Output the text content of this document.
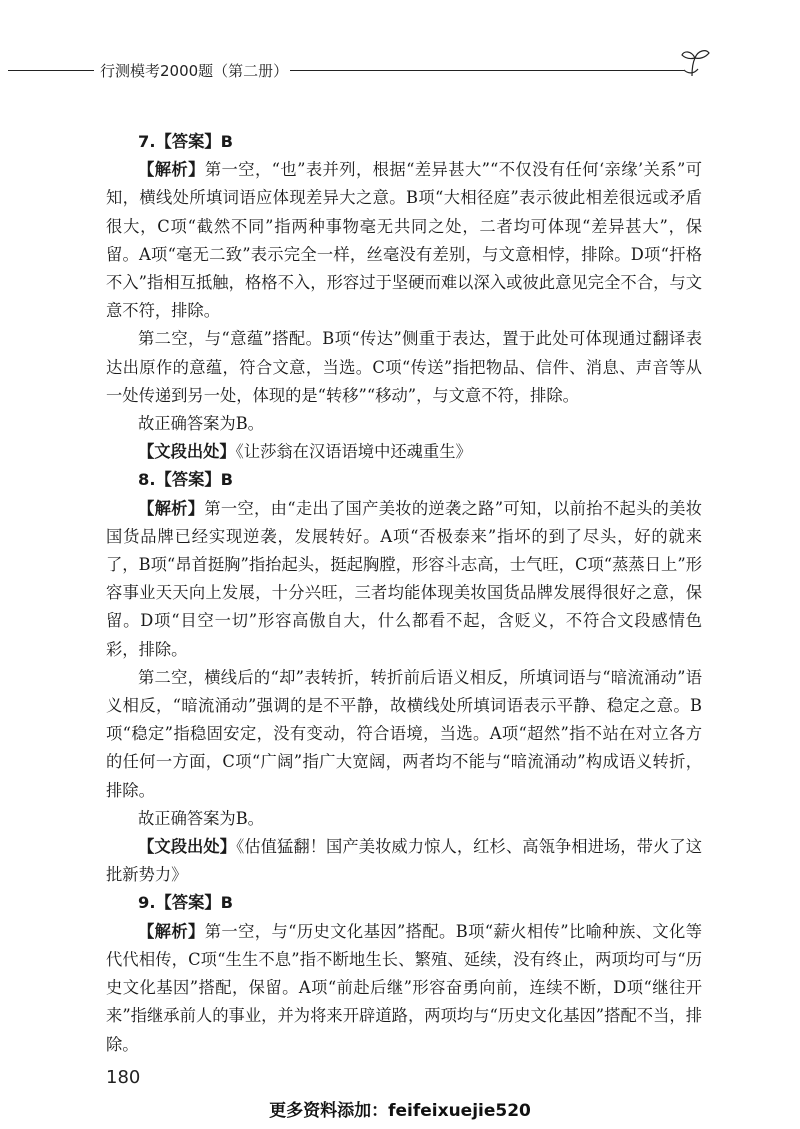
行测模考2000题（第二册）

7.【答案】B

【解析】第一空，“也”表并列，根据“差异甚大”“不仅没有任何‘亲缘’关系”可知，横线处所填词语应体现差异大之意。B项“大相径庭”表示彼此相差很远或矛盾很大，C项“截然不同”指两种事物毫无共同之处，二者均可体现“差异甚大”，保留。A项“毫无二致”表示完全一样，丝毫没有差别，与文意相悖，排除。D项“扞格不入”指相互抵触，格格不入，形容过于坚硬而难以深入或彼此意见完全不合，与文意不符，排除。

第二空，与“意蕴”搭配。B项“传达”侧重于表达，置于此处可体现通过翻译表达出原作的意蕴，符合文意，当选。C项“传送”指把物品、信件、消息、声音等从一处传递到另一处，体现的是“转移”“移动”，与文意不符，排除。

故正确答案为B。

【文段出处】《让莎翁在汉语语境中还魂重生》

8.【答案】B

【解析】第一空，由“走出了国产美妆的逆袭之路”可知，以前抬不起头的美妆国货品牌已经实现逆袭，发展转好。A项“否极泰来”指坏的到了尽头，好的就来了，B项“昂首挺胸”指抬起头，挺起胸膛，形容斗志高，士气旺，C项“蒸蒸日上”形容事业天天向上发展，十分兴旺，三者均能体现美妆国货品牌发展得很好之意，保留。D项“目空一切”形容高傲自大，什么都看不起，含贬义，不符合文段感情色彩，排除。

第二空，横线后的“却”表转折，转折前后语义相反，所填词语与“暗流涌动”语义相反，“暗流涌动”强调的是不平静，故横线处所填词语表示平静、稳定之意。B项“稳定”指稳固安定，没有变动，符合语境，当选。A项“超然”指不站在对立各方的任何一方面，C项“广阔”指广大宽阔，两者均不能与“暗流涌动”构成语义转折，排除。

故正确答案为B。

【文段出处】《估值猛翻！国产美妆威力惊人，红杉、高瓴争相进场，带火了这批新势力》

9.【答案】B

【解析】第一空，与“历史文化基因”搭配。B项“薪火相传”比喻种族、文化等代代相传，C项“生生不息”指不断地生长、繁殖、延续，没有终止，两项均可与“历史文化基因”搭配，保留。A项“前赴后继”形容奋勇向前，连续不断，D项“继往开来”指继承前人的事业，并为将来开辟道路，两项均与“历史文化基因”搭配不当，排除。

180
更多资料添加：feifeixuejie520
